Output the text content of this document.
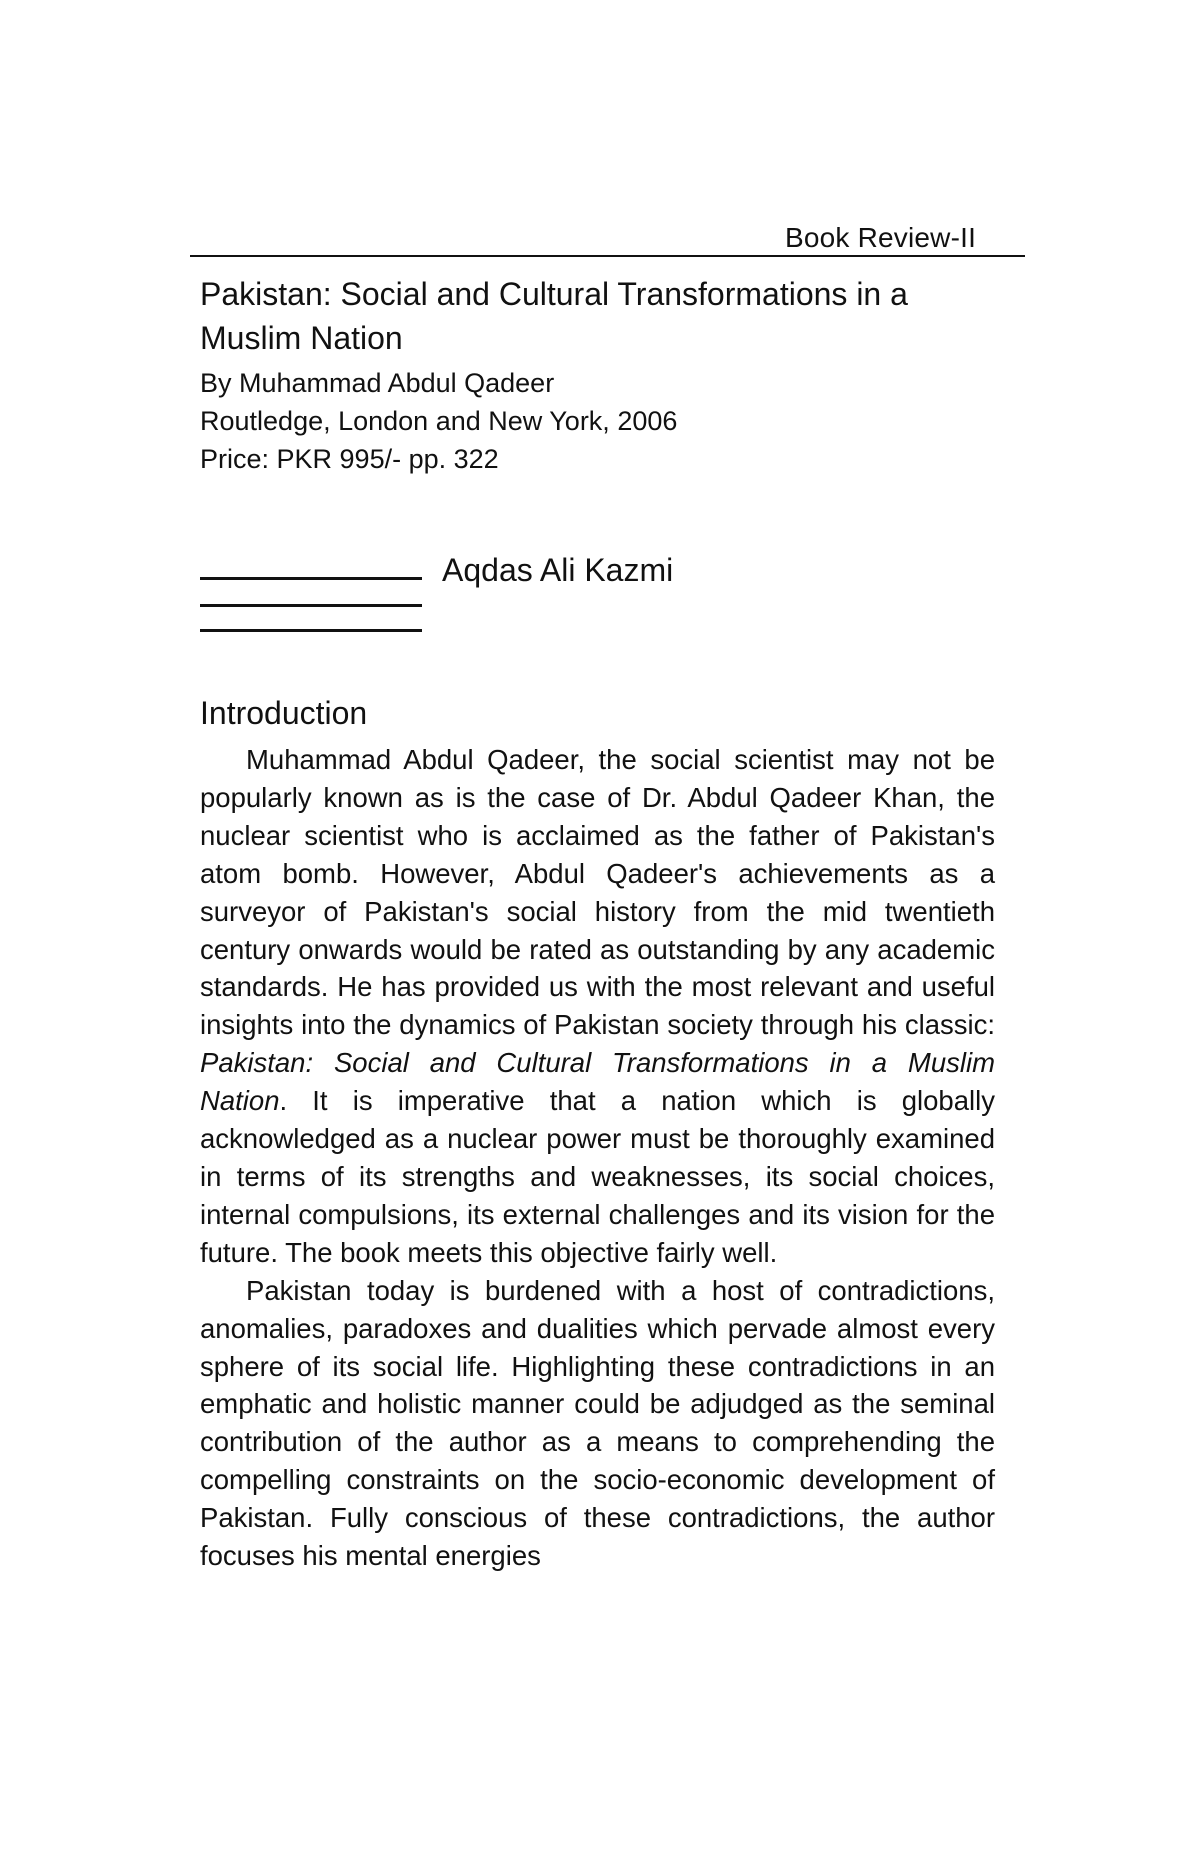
Book Review-II
Pakistan: Social and Cultural Transformations in a Muslim Nation

By Muhammad Abdul Qadeer

Routledge, London and New York, 2006

Price: PKR 995/- pp. 322

Aqdas Ali Kazmi
Introduction

Muhammad Abdul Qadeer, the social scientist may not be popularly known as is the case of Dr. Abdul Qadeer Khan, the nuclear scientist who is acclaimed as the father of Pakistan's atom bomb. However, Abdul Qadeer's achievements as a surveyor of Pakistan's social history from the mid twentieth century onwards would be rated as outstanding by any academic standards. He has provided us with the most relevant and useful insights into the dynamics of Pakistan society through his classic: Pakistan: Social and Cultural Transformations in a Muslim Nation. It is imperative that a nation which is globally acknowledged as a nuclear power must be thoroughly examined in terms of its strengths and weaknesses, its social choices, internal compulsions, its external challenges and its vision for the future. The book meets this objective fairly well.

Pakistan today is burdened with a host of contradictions, anomalies, paradoxes and dualities which pervade almost every sphere of its social life. Highlighting these contradictions in an emphatic and holistic manner could be adjudged as the seminal contribution of the author as a means to comprehending the compelling constraints on the socio-economic development of Pakistan. Fully conscious of these contradictions, the author focuses his mental energies
